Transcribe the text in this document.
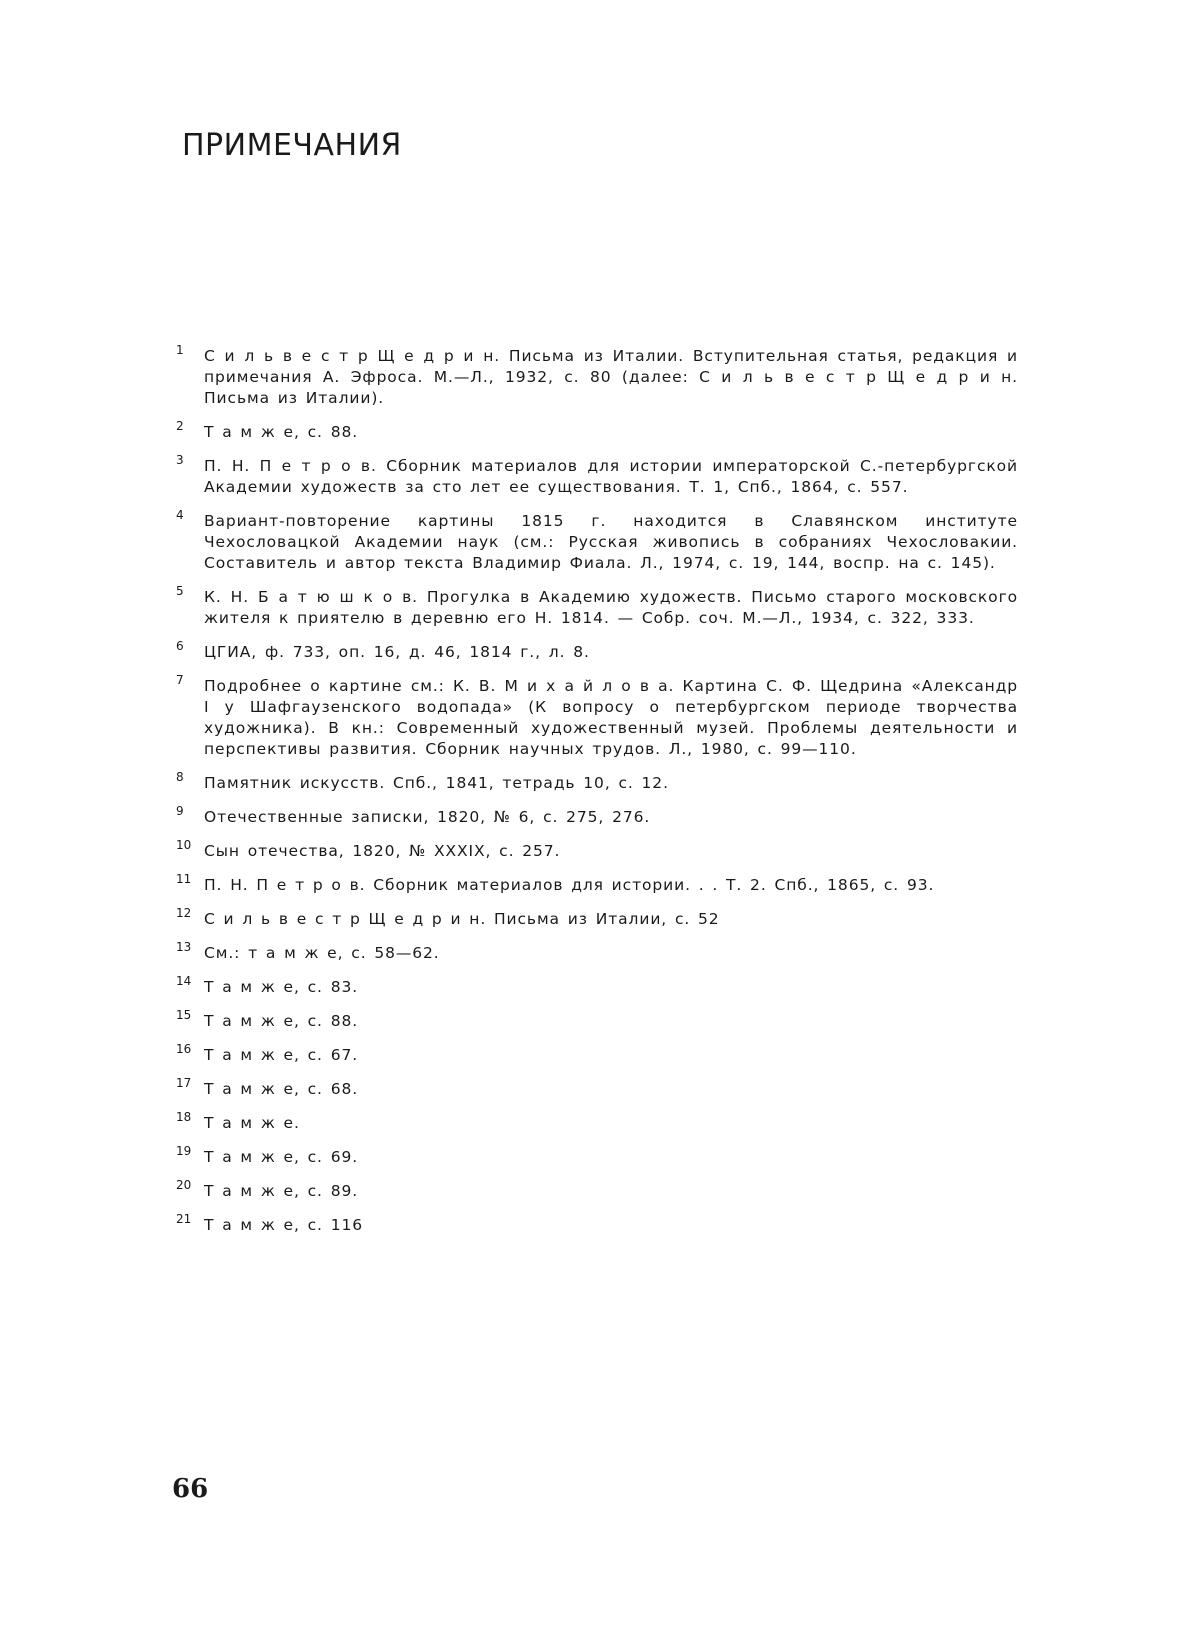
ПРИМЕЧАНИЯ
1	С и л ь в е с т р Щ е д р и н. Письма из Италии. Вступительная статья, редакция и примечания А. Эфроса. М.—Л., 1932, с. 80 (далее: С и л ь в е с т р Щ е д р и н. Письма из Италии).
2	Т а м ж е, с. 88.
3	П. Н. П е т р о в. Сборник материалов для истории императорской С.-петербургской Академии художеств за сто лет ее существования. Т. 1, Спб., 1864, с. 557.
4	Вариант-повторение картины 1815 г. находится в Славянском институте Чехословацкой Академии наук (см.: Русская живопись в собраниях Чехословакии. Составитель и автор текста Владимир Фиала. Л., 1974, с. 19, 144, воспр. на с. 145).
5	К. Н. Б а т ю ш к о в. Прогулка в Академию художеств. Письмо старого московского жителя к приятелю в деревню его Н. 1814. — Собр. соч. М.—Л., 1934, с. 322, 333.
6	ЦГИА, ф. 733, оп. 16, д. 46, 1814 г., л. 8.
7	Подробнее о картине см.: К. В. М и х а й л о в а. Картина С. Ф. Щедрина «Александр I у Шафгаузенского водопада» (К вопросу о петербургском периоде творчества художника). В кн.: Современный художественный музей. Проблемы деятельности и перспективы развития. Сборник научных трудов. Л., 1980, с. 99—110.
8	Памятник искусств. Спб., 1841, тетрадь 10, с. 12.
9	Отечественные записки, 1820, № 6, с. 275, 276.
10 Сын отечества, 1820, № XXXIX, с. 257.
11 П. Н. П е т р о в. Сборник материалов для истории. . . Т. 2. Спб., 1865, с. 93.
12 С и л ь в е с т р Щ е д р и н. Письма из Италии, с. 52
13 См.: т а м ж е, с. 58—62.
14 Т а м ж е, с. 83.
15 Т а м ж е, с. 88.
16 Т а м ж е, с. 67.
17 Т а м ж е, с. 68.
18 Т а м ж е.
19 Т а м ж е, с. 69.
20 Т а м ж е, с. 89.
21 Т а м ж е, с. 116
66
